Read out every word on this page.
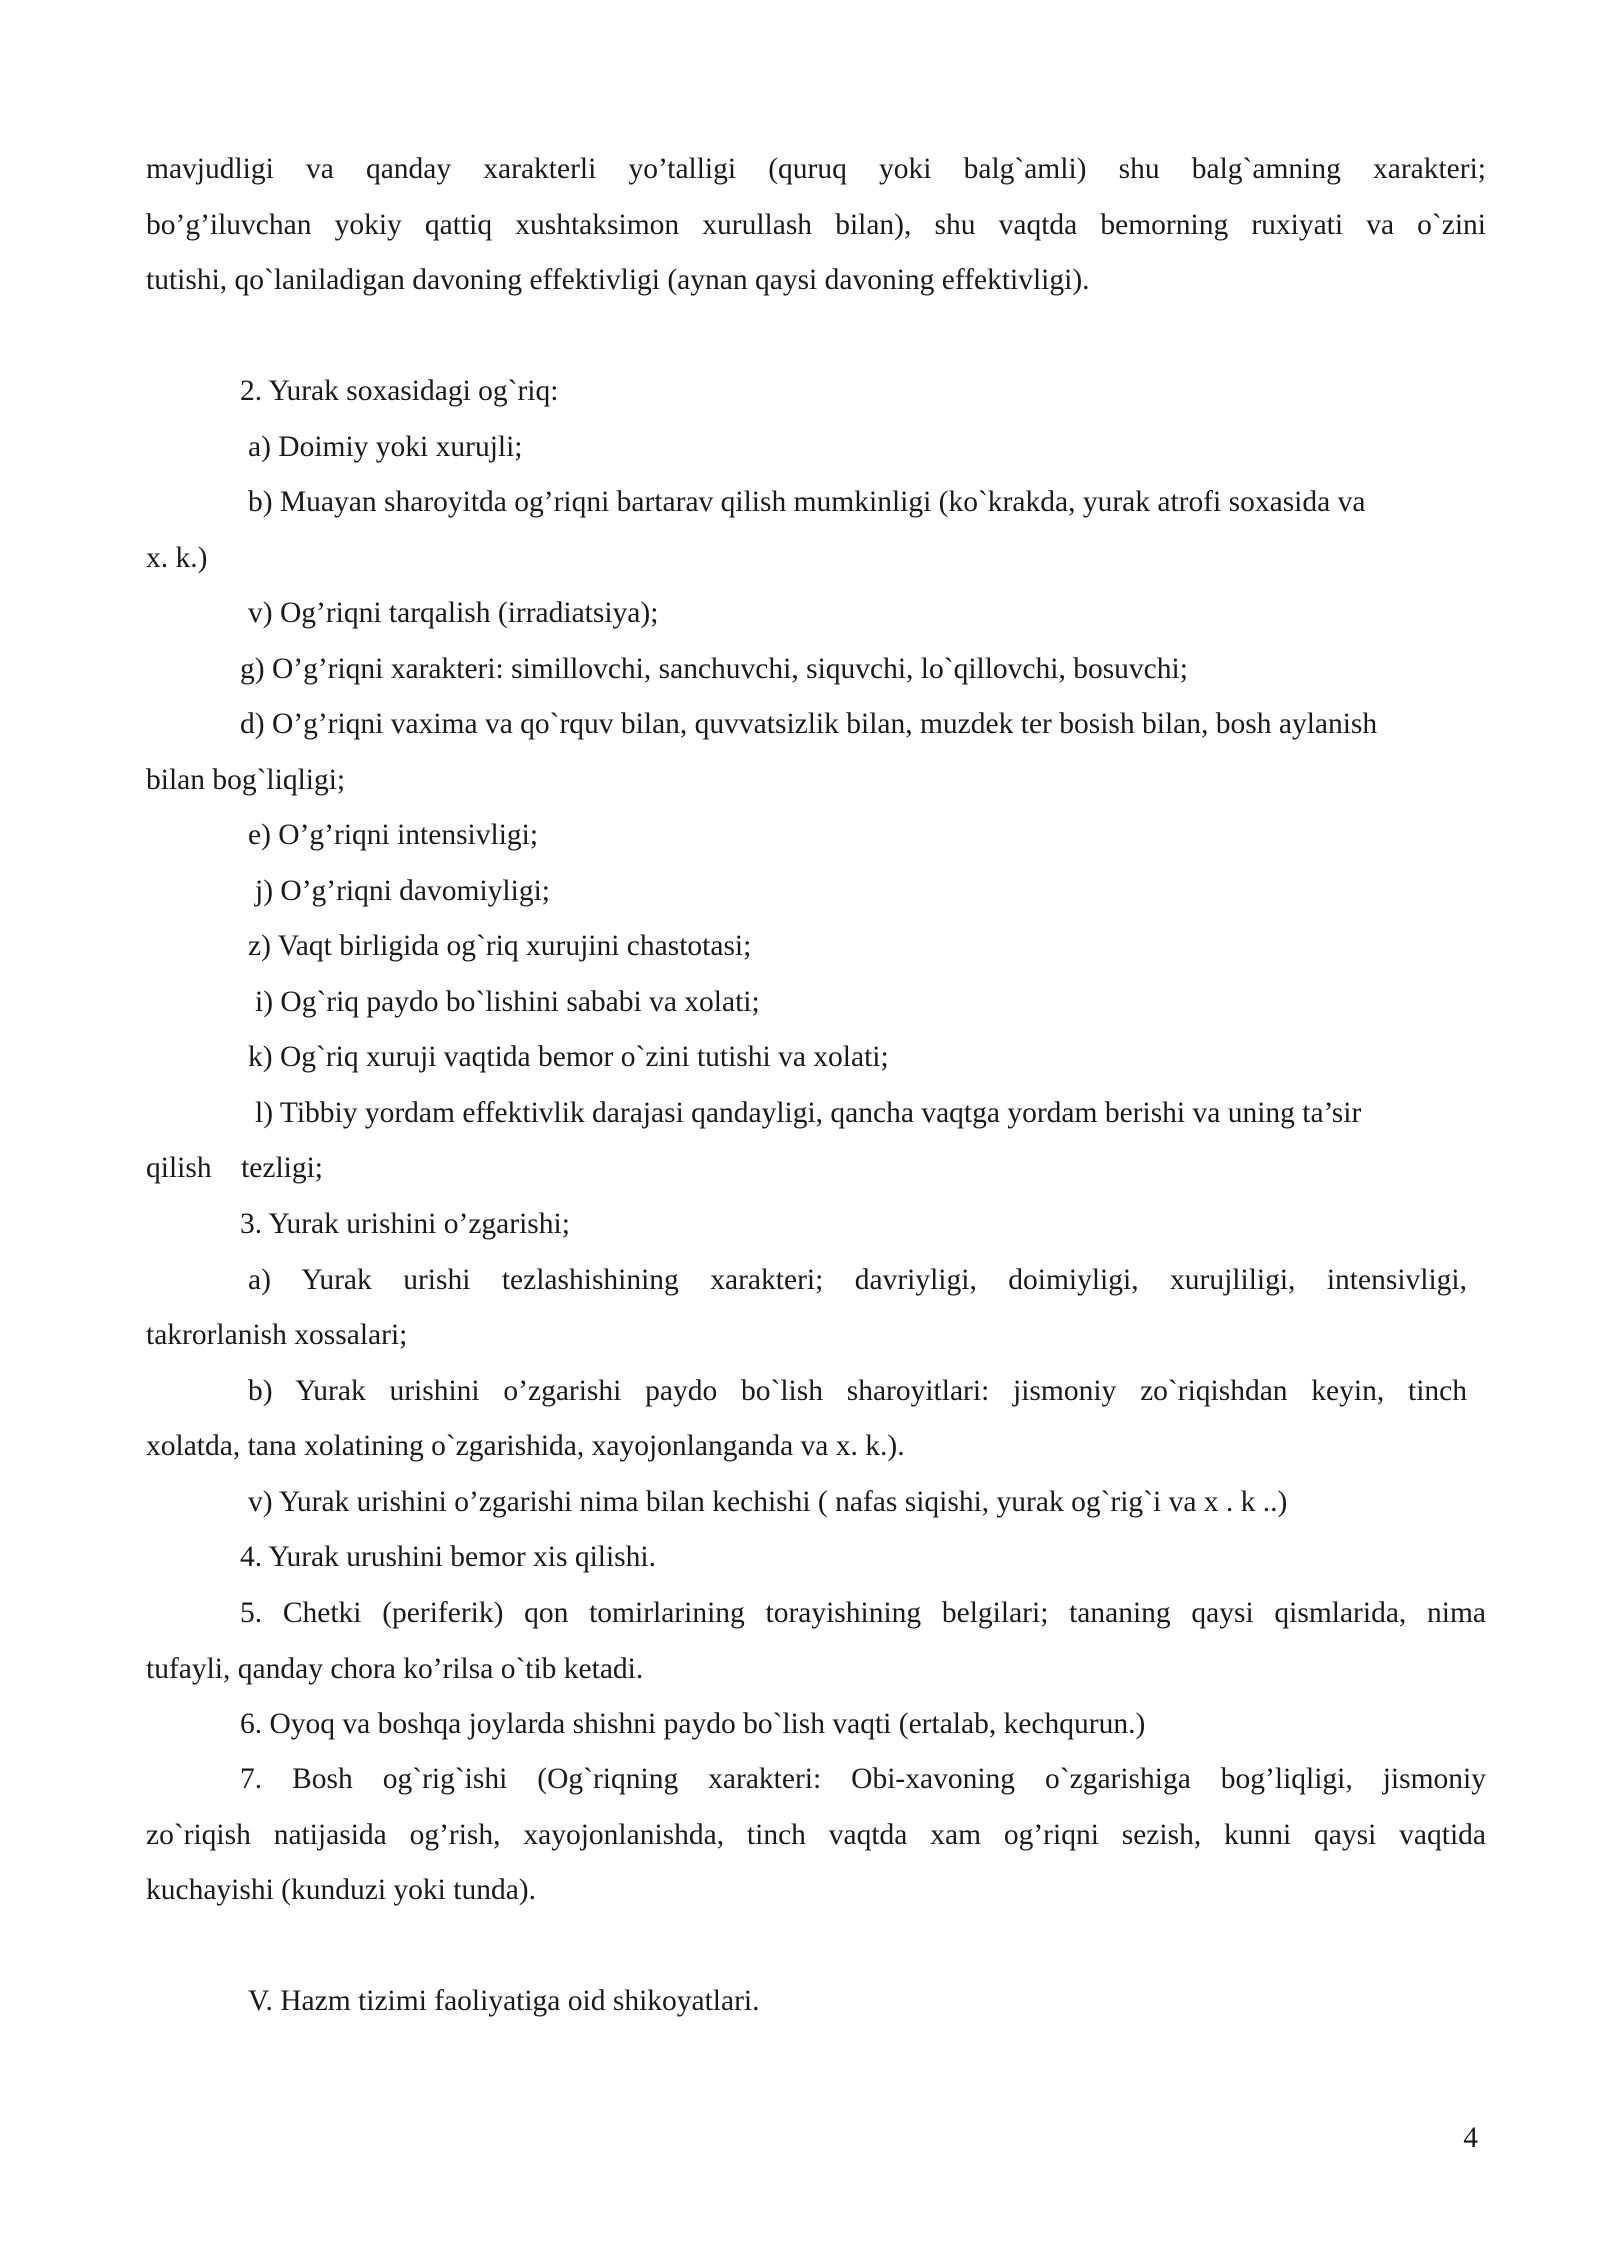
mavjudligi va qanday xarakterli yo’talligi (quruq yoki balg`amli) shu balg`amning xarakteri;

bo’g’iluvchan yokiy qattiq xushtaksimon xurullash bilan), shu vaqtda bemorning ruxiyati va o`zini

tutishi, qo`laniladigan davoning effektivligi (aynan qaysi davoning effektivligi).

2. Yurak soxasidagi og`riq:

a) Doimiy yoki xurujli;

b) Muayan sharoyitda og’riqni bartarav qilish mumkinligi (ko`krakda, yurak atrofi soxasida va

x. k.)

v) Og’riqni tarqalish (irradiatsiya);

g) O’g’riqni xarakteri: simillovchi, sanchuvchi, siquvchi, lo`qillovchi, bosuvchi;

d) O’g’riqni vaxima va qo`rquv bilan, quvvatsizlik bilan, muzdek ter bosish bilan, bosh aylanish

bilan bog`liqligi;

e) O’g’riqni intensivligi;

j) O’g’riqni davomiyligi;

z) Vaqt birligida og`riq xurujini chastotasi;

i) Og`riq paydo bo`lishini sababi va xolati;

k) Og`riq xuruji vaqtida bemor o`zini tutishi va xolati;

l) Tibbiy yordam effektivlik darajasi qandayligi, qancha vaqtga yordam berishi va uning ta’sir

qilish    tezligi;

3. Yurak urishini o’zgarishi;

a) Yurak urishi tezlashishining xarakteri; davriyligi, doimiyligi, xurujliligi, intensivligi,

takrorlanish xossalari;

b) Yurak urishini o’zgarishi paydo bo`lish sharoyitlari: jismoniy zo`riqishdan keyin, tinch

xolatda, tana xolatining o`zgarishida, xayojonlanganda va x. k.).

v) Yurak urishini o’zgarishi nima bilan kechishi ( nafas siqishi, yurak og`rig`i va x . k ..)

4. Yurak urushini bemor xis qilishi.

5. Chetki (periferik) qon tomirlarining torayishining belgilari; tananing qaysi qismlarida, nima

tufayli, qanday chora ko’rilsa o`tib ketadi.

6. Oyoq va boshqa joylarda shishni paydo bo`lish vaqti (ertalab, kechqurun.)

7. Bosh og`rig`ishi (Og`riqning xarakteri: Obi-xavoning o`zgarishiga bog’liqligi, jismoniy

zo`riqish natijasida og’rish, xayojonlanishda, tinch vaqtda xam og’riqni sezish, kunni qaysi vaqtida

kuchayishi (kunduzi yoki tunda).

V. Hazm tizimi faoliyatiga oid shikoyatlari.

4
